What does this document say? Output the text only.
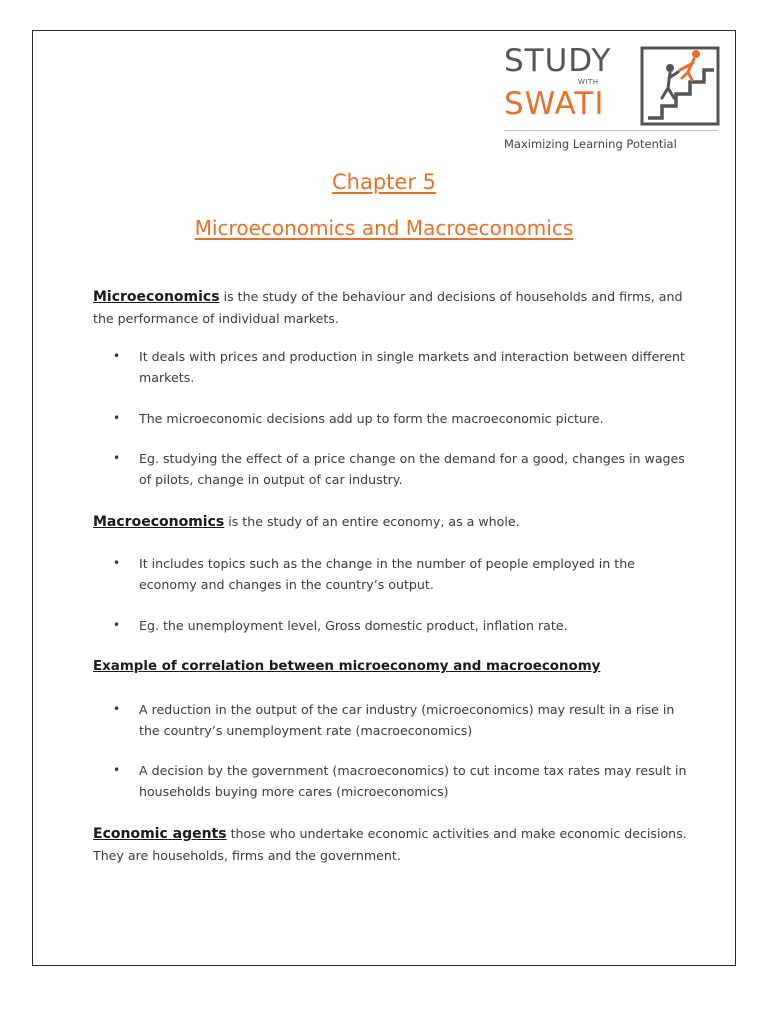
STUDY
WITH
SWATI
Maximizing Learning Potential
Chapter 5
Microeconomics and Macroeconomics
Microeconomics is the study of the behaviour and decisions of households and firms, and the performance of individual markets.
• It deals with prices and production in single markets and interaction between different markets.
• The microeconomic decisions add up to form the macroeconomic picture.
• Eg. studying the effect of a price change on the demand for a good, changes in wages of pilots, change in output of car industry.
Macroeconomics is the study of an entire economy, as a whole.
• It includes topics such as the change in the number of people employed in the economy and changes in the country’s output.
• Eg. the unemployment level, Gross domestic product, inflation rate.
Example of correlation between microeconomy and macroeconomy
• A reduction in the output of the car industry (microeconomics) may result in a rise in the country’s unemployment rate (macroeconomics)
• A decision by the government (macroeconomics) to cut income tax rates may result in households buying more cares (microeconomics)
Economic agents those who undertake economic activities and make economic decisions. They are households, firms and the government.
